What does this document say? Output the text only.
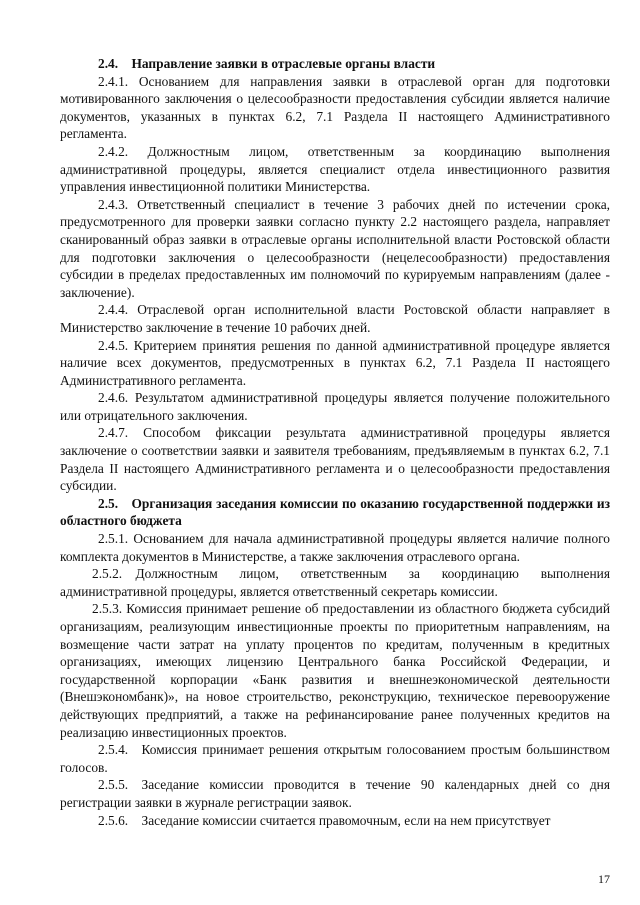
2.4. Направление заявки в отраслевые органы власти

2.4.1. Основанием для направления заявки в отраслевой орган для подготовки мотивированного заключения о целесообразности предоставления субсидии является наличие документов, указанных в пунктах 6.2, 7.1 Раздела II настоящего Административного регламента.

2.4.2. Должностным лицом, ответственным за координацию выполнения административной процедуры, является специалист отдела инвестиционного развития управления инвестиционной политики Министерства.

2.4.3. Ответственный специалист в течение 3 рабочих дней по истечении срока, предусмотренного для проверки заявки согласно пункту 2.2 настоящего раздела, направляет сканированный образ заявки в отраслевые органы исполнительной власти Ростовской области для подготовки заключения о целесообразности (нецелесообразности) предоставления субсидии в пределах предоставленных им полномочий по курируемым направлениям (далее - заключение).

2.4.4. Отраслевой орган исполнительной власти Ростовской области направляет в Министерство заключение в течение 10 рабочих дней.

2.4.5. Критерием принятия решения по данной административной процедуре является наличие всех документов, предусмотренных в пунктах 6.2, 7.1 Раздела II настоящего Административного регламента.

2.4.6. Результатом административной процедуры является получение положительного или отрицательного заключения.

2.4.7. Способом фиксации результата административной процедуры является заключение о соответствии заявки и заявителя требованиям, предъявляемым в пунктах 6.2, 7.1 Раздела II настоящего Административного регламента и о целесообразности предоставления субсидии.

2.5. Организация заседания комиссии по оказанию государственной поддержки из областного бюджета

2.5.1. Основанием для начала административной процедуры является наличие полного комплекта документов в Министерстве, а также заключения отраслевого органа.

2.5.2. Должностным лицом, ответственным за координацию выполнения административной процедуры, является ответственный секретарь комиссии.

2.5.3. Комиссия принимает решение об предоставлении из областного бюджета субсидий организациям, реализующим инвестиционные проекты по приоритетным направлениям, на возмещение части затрат на уплату процентов по кредитам, полученным в кредитных организациях, имеющих лицензию Центрального банка Российской Федерации, и государственной корпорации «Банк развития и внешнеэкономической деятельности (Внешэкономбанк)», на новое строительство, реконструкцию, техническое перевооружение действующих предприятий, а также на рефинансирование ранее полученных кредитов на реализацию инвестиционных проектов.

2.5.4. Комиссия принимает решения открытым голосованием простым большинством голосов.

2.5.5. Заседание комиссии проводится в течение 90 календарных дней со дня регистрации заявки в журнале регистрации заявок.

2.5.6. Заседание комиссии считается правомочным, если на нем присутствует

17
